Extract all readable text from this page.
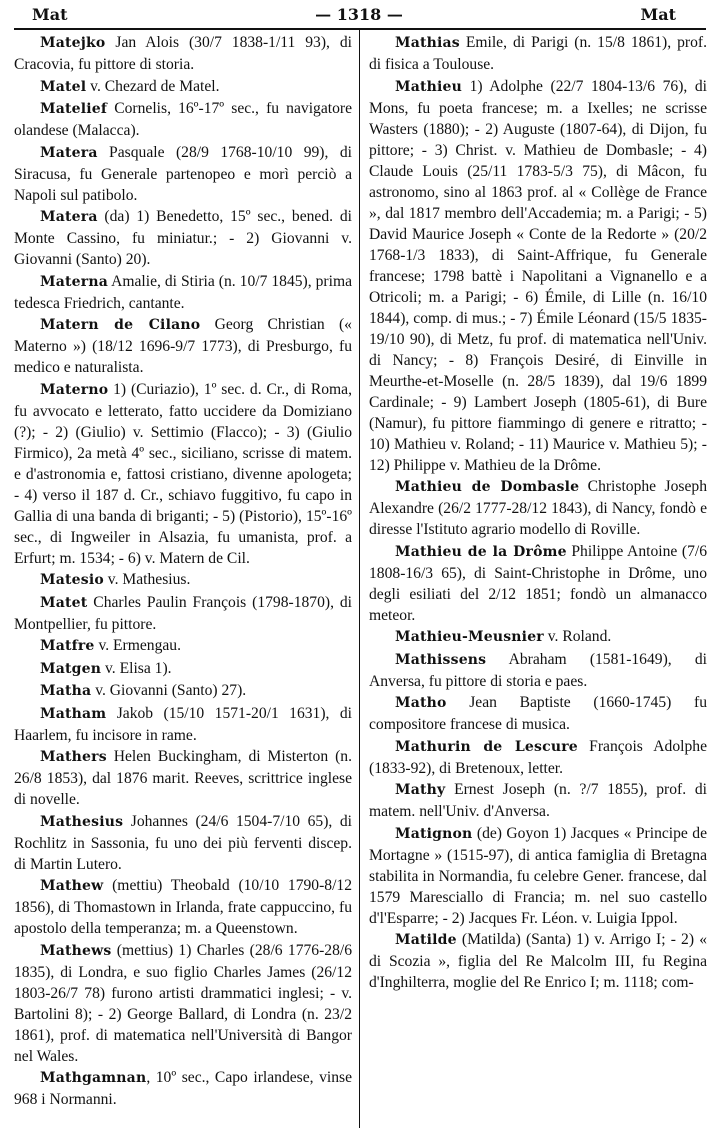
Mat	— 1318 —	Mat

Matejko Jan Alois (30/7 1838-1/11 93), di Cracovia, fu pittore di storia.

Matel v. Chezard de Matel.

Matelief Cornelis, 16º-17º sec., fu navigatore olandese (Malacca).

Matera Pasquale (28/9 1768-10/10 99), di Siracusa, fu Generale partenopeo e morì perciò a Napoli sul patibolo.

Matera (da) 1) Benedetto, 15º sec., bened. di Monte Cassino, fu miniatur.; - 2) Giovanni v. Giovanni (Santo) 20).

Materna Amalie, di Stiria (n. 10/7 1845), prima tedesca Friedrich, cantante.

Matern de Cilano Georg Christian (« Materno ») (18/12 1696-9/7 1773), di Presburgo, fu medico e naturalista.

Materno 1) (Curiazio), 1º sec. d. Cr., di Roma, fu avvocato e letterato, fatto uccidere da Domiziano (?); - 2) (Giulio) v. Settimio (Flacco); - 3) (Giulio Firmico), 2a metà 4º sec., siciliano, scrisse di matem. e d'astronomia e, fattosi cristiano, divenne apologeta; - 4) verso il 187 d. Cr., schiavo fuggitivo, fu capo in Gallia di una banda di briganti; - 5) (Pistorio), 15º-16º sec., di Ingweiler in Alsazia, fu umanista, prof. a Erfurt; m. 1534; - 6) v. Matern de Cil.

Matesio v. Mathesius.

Matet Charles Paulin François (1798-1870), di Montpellier, fu pittore.

Matfre v. Ermengau.

Matgen v. Elisa 1).

Matha v. Giovanni (Santo) 27).

Matham Jakob (15/10 1571-20/1 1631), di Haarlem, fu incisore in rame.

Mathers Helen Buckingham, di Misterton (n. 26/8 1853), dal 1876 marit. Reeves, scrittrice inglese di novelle.

Mathesius Johannes (24/6 1504-7/10 65), di Rochlitz in Sassonia, fu uno dei più ferventi discep. di Martin Lutero.

Mathew (mettiu) Theobald (10/10 1790-8/12 1856), di Thomastown in Irlanda, frate cappuccino, fu apostolo della temperanza; m. a Queenstown.

Mathews (mettius) 1) Charles (28/6 1776-28/6 1835), di Londra, e suo figlio Charles James (26/12 1803-26/7 78) furono artisti drammatici inglesi; - v. Bartolini 8); - 2) George Ballard, di Londra (n. 23/2 1861), prof. di matematica nell'Università di Bangor nel Wales.

Mathgamnan, 10º sec., Capo irlandese, vinse 968 i Normanni.

Mathias Emile, di Parigi (n. 15/8 1861), prof. di fisica a Toulouse.

Mathieu 1) Adolphe (22/7 1804-13/6 76), di Mons, fu poeta francese; m. a Ixelles; ne scrisse Wasters (1880); - 2) Auguste (1807-64), di Dijon, fu pittore; - 3) Christ. v. Mathieu de Dombasle; - 4) Claude Louis (25/11 1783-5/3 75), di Mâcon, fu astronomo, sino al 1863 prof. al « Collège de France », dal 1817 membro dell'Accademia; m. a Parigi; - 5) David Maurice Joseph « Conte de la Redorte » (20/2 1768-1/3 1833), di Saint-Affrique, fu Generale francese; 1798 battè i Napolitani a Vignanello e a Otricoli; m. a Parigi; - 6) Émile, di Lille (n. 16/10 1844), comp. di mus.; - 7) Émile Léonard (15/5 1835-19/10 90), di Metz, fu prof. di matematica nell'Univ. di Nancy; - 8) François Desiré, di Einville in Meurthe-et-Moselle (n. 28/5 1839), dal 19/6 1899 Cardinale; - 9) Lambert Joseph (1805-61), di Bure (Namur), fu pittore fiammingo di genere e ritratto; - 10) Mathieu v. Roland; - 11) Maurice v. Mathieu 5); - 12) Philippe v. Mathieu de la Drôme.

Mathieu de Dombasle Christophe Joseph Alexandre (26/2 1777-28/12 1843), di Nancy, fondò e diresse l'Istituto agrario modello di Roville.

Mathieu de la Drôme Philippe Antoine (7/6 1808-16/3 65), di Saint-Christophe in Drôme, uno degli esiliati del 2/12 1851; fondò un almanacco meteor.

Mathieu-Meusnier v. Roland.

Mathissens Abraham (1581-1649), di Anversa, fu pittore di storia e paes.

Matho Jean Baptiste (1660-1745) fu compositore francese di musica.

Mathurin de Lescure François Adolphe (1833-92), di Bretenoux, letter.

Mathy Ernest Joseph (n. ?/7 1855), prof. di matem. nell'Univ. d'Anversa.

Matignon (de) Goyon 1) Jacques « Principe de Mortagne » (1515-97), di antica famiglia di Bretagna stabilita in Normandia, fu celebre Gener. francese, dal 1579 Maresciallo di Francia; m. nel suo castello d'l'Esparre; - 2) Jacques Fr. Léon. v. Luigia Ippol.

Matilde (Matilda) (Santa) 1) v. Arrigo I; - 2) « di Scozia », figlia del Re Malcolm III, fu Regina d'Inghilterra, moglie del Re Enrico I; m. 1118; com-
